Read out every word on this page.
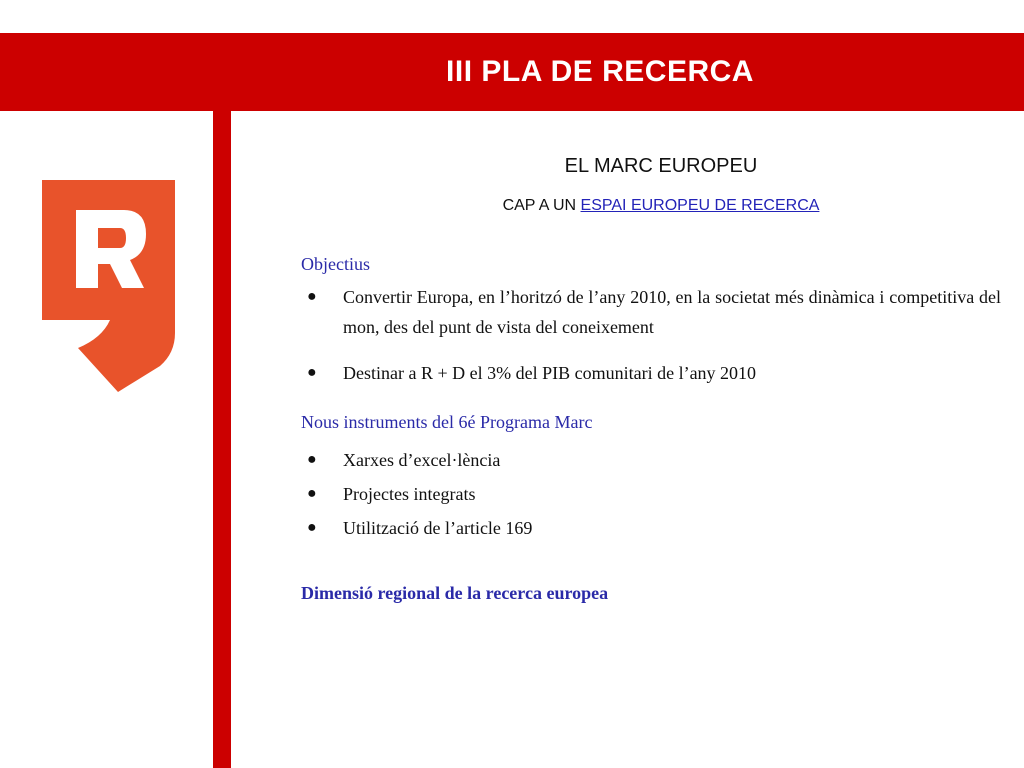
III PLA DE RECERCA
EL MARC EUROPEU
CAP A UN ESPAI EUROPEU DE RECERCA
Objectius
● Convertir Europa, en l’horitzó de l’any 2010, en la societat més dinàmica i competitiva del mon, des del punt de vista del coneixement
● Destinar a R + D el 3% del PIB comunitari de l’any 2010
Nous instruments del 6é Programa Marc
● Xarxes d’excel·lència
● Projectes integrats
● Utilització de l’article 169
Dimensió regional de la recerca europea
